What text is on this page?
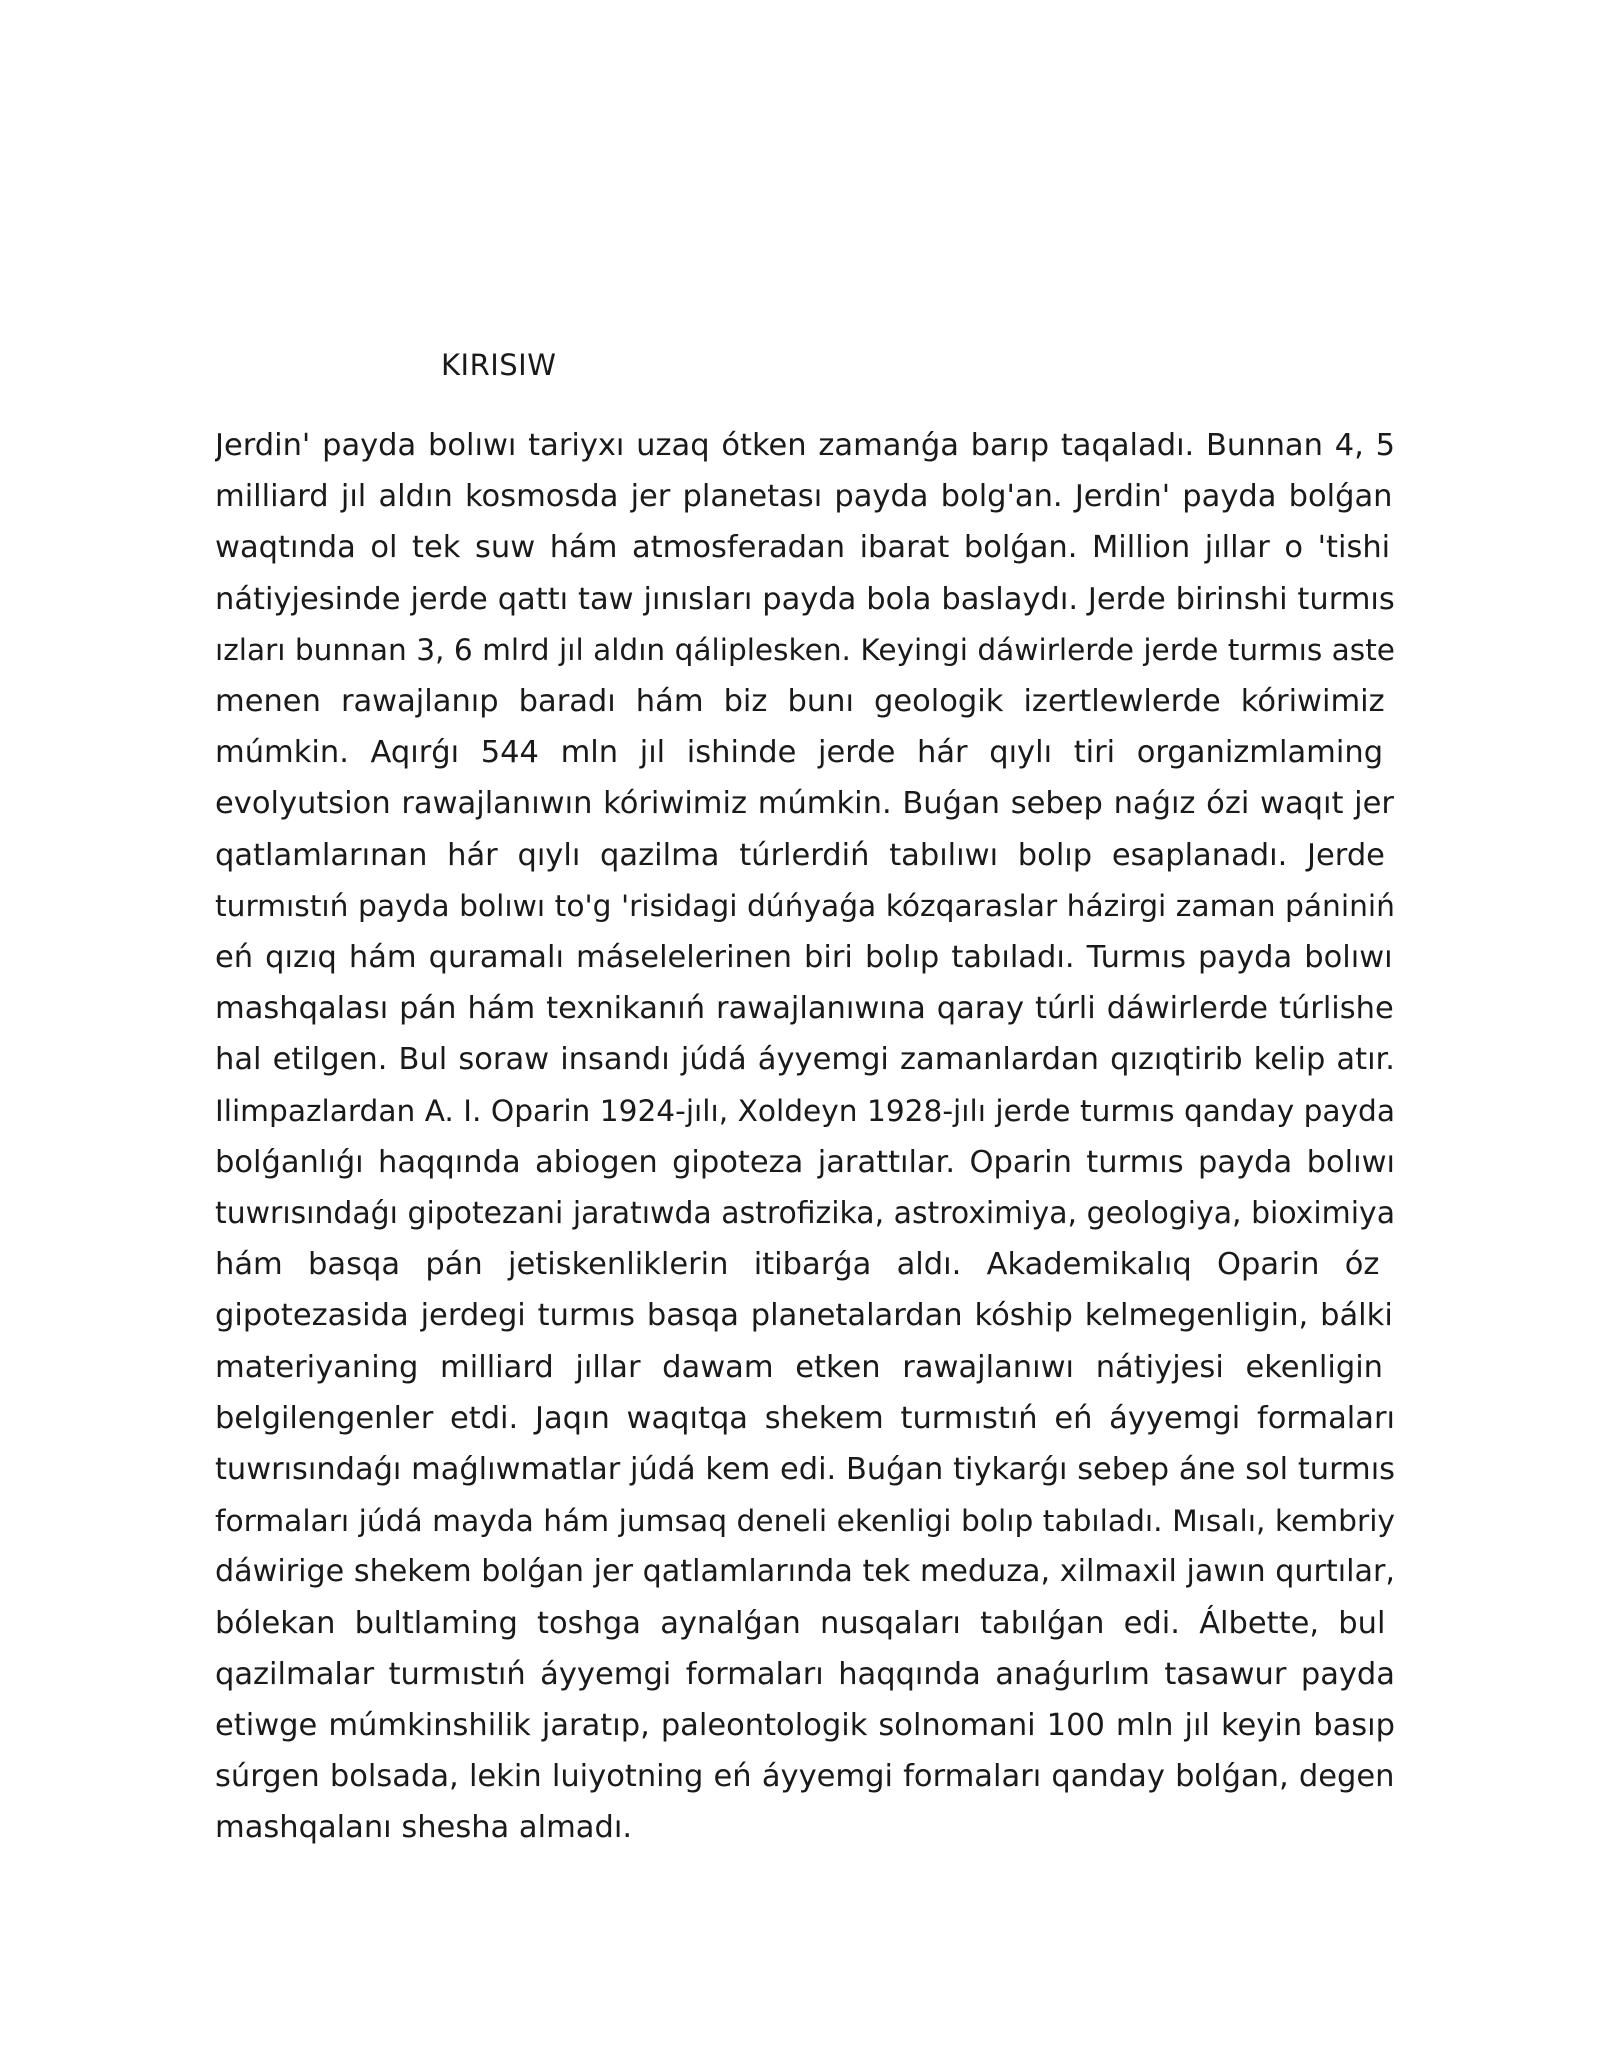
KIRISIW
Jerdin' payda bolıwı tariyxı uzaq ótken zamanǵa barıp taqaladı. Bunnan 4, 5
milliard jıl aldın kosmosda jer planetası payda bolg'an. Jerdin' payda bolǵan
waqtında ol tek suw hám atmosferadan ibarat bolǵan. Million jıllar o 'tishi
nátiyjesinde jerde qattı taw jınısları payda bola baslaydı. Jerde birinshi turmıs
ızları bunnan 3, 6 mlrd jıl aldın qáliplesken. Keyingi dáwirlerde jerde turmıs aste
menen rawajlanıp baradı hám biz bunı geologik izertlewlerde kóriwimiz
múmkin. Aqırǵı 544 mln jıl ishinde jerde hár qıylı tiri organizmlaming
evolyutsion rawajlanıwın kóriwimiz múmkin. Buǵan sebep naǵız ózi waqıt jer
qatlamlarınan hár qıylı qazilma túrlerdiń tabılıwı bolıp esaplanadı. Jerde
turmıstıń payda bolıwı to'g 'risidagi dúńyaǵa kózqaraslar házirgi zaman pániniń
eń qızıq hám quramalı máselelerinen biri bolıp tabıladı. Turmıs payda bolıwı
mashqalası pán hám texnikanıń rawajlanıwına qaray túrli dáwirlerde túrlishe
hal etilgen. Bul soraw insandı júdá áyyemgi zamanlardan qızıqtirib kelip atır.
Ilimpazlardan A. I. Oparin 1924-jılı, Xoldeyn 1928-jılı jerde turmıs qanday payda
bolǵanlıǵı haqqında abiogen gipoteza jarattılar. Oparin turmıs payda bolıwı
tuwrısındaǵı gipotezani jaratıwda astrofizika, astroximiya, geologiya, bioximiya
hám basqa pán jetiskenliklerin itibarǵa aldı. Akademikalıq Oparin óz
gipotezasida jerdegi turmıs basqa planetalardan kóship kelmegenligin, bálki
materiyaning milliard jıllar dawam etken rawajlanıwı nátiyjesi ekenligin
belgilengenler etdi. Jaqın waqıtqa shekem turmıstıń eń áyyemgi formaları
tuwrısındaǵı maǵlıwmatlar júdá kem edi. Buǵan tiykarǵı sebep áne sol turmıs
formaları júdá mayda hám jumsaq deneli ekenligi bolıp tabıladı. Mısalı, kembriy
dáwirige shekem bolǵan jer qatlamlarında tek meduza, xilmaxil jawın qurtılar,
bólekan bultlaming toshga aynalǵan nusqaları tabılǵan edi. Álbette, bul
qazilmalar turmıstıń áyyemgi formaları haqqında anaǵurlım tasawur payda
etiwge múmkinshilik jaratıp, paleontologik solnomani 100 mln jıl keyin basıp
súrgen bolsada, lekin luiyotning eń áyyemgi formaları qanday bolǵan, degen
mashqalanı shesha almadı.
